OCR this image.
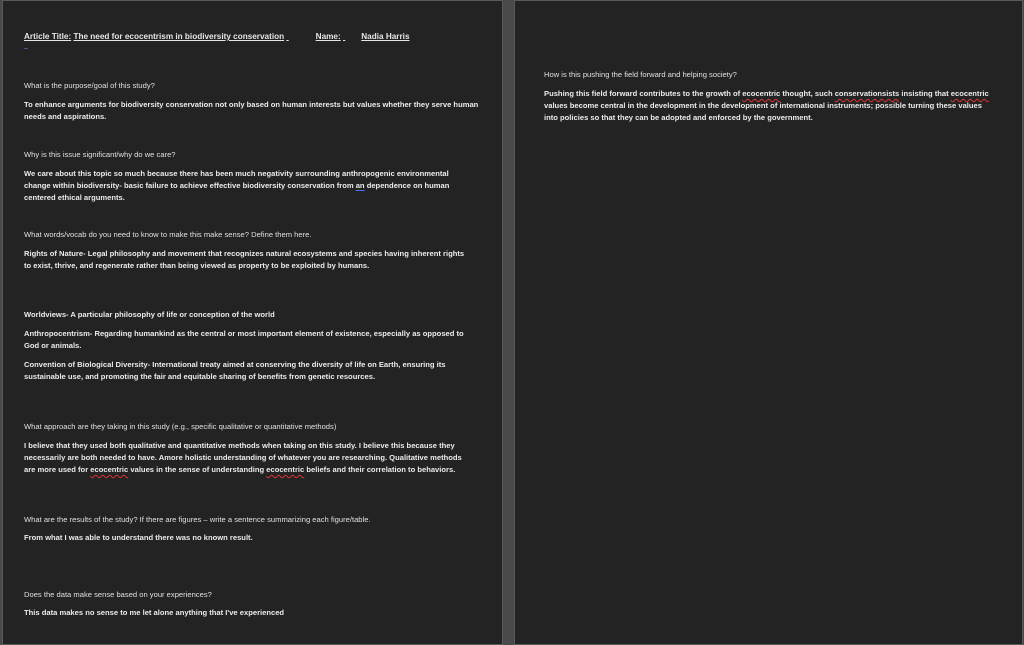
Article Title: The need for ecocentrism in biodiversity conservation	Name:	Nadia Harris
‒
What is the purpose/goal of this study?
To enhance arguments for biodiversity conservation not only based on human interests but values whether they serve human needs and aspirations.
Why is this issue significant/why do we care?
We care about this topic so much because there has been much negativity surrounding anthropogenic environmental change within biodiversity- basic failure to achieve effective biodiversity conservation from an dependence on human centered ethical arguments.
What words/vocab do you need to know to make this make sense? Define them here.
Rights of Nature- Legal philosophy and movement that recognizes natural ecosystems and species having inherent rights to exist, thrive, and regenerate rather than being viewed as property to be exploited by humans.
Worldviews- A particular philosophy of life or conception of the world
Anthropocentrism- Regarding humankind as the central or most important element of existence, especially as opposed to God or animals.
Convention of Biological Diversity- International treaty aimed at conserving the diversity of life on Earth, ensuring its sustainable use, and promoting the fair and equitable sharing of benefits from genetic resources.
What approach are they taking in this study (e.g., specific qualitative or quantitative methods)
I believe that they used both qualitative and quantitative methods when taking on this study. I believe this because they necessarily are both needed to have. Amore holistic understanding of whatever you are researching. Qualitative methods are more used for ecocentric values in the sense of understanding ecocentric beliefs and their correlation to behaviors.
What are the results of the study? If there are figures – write a sentence summarizing each figure/table.
From what I was able to understand there was no known result.
Does the data make sense based on your experiences?
This data makes no sense to me let alone anything that I've experienced
How is this pushing the field forward and helping society?
Pushing this field forward contributes to the growth of ecocentric thought, such conservationsists insisting that ecocentric values become central in the development in the development of international instruments; possible turning these values into policies so that they can be adopted and enforced by the government.
